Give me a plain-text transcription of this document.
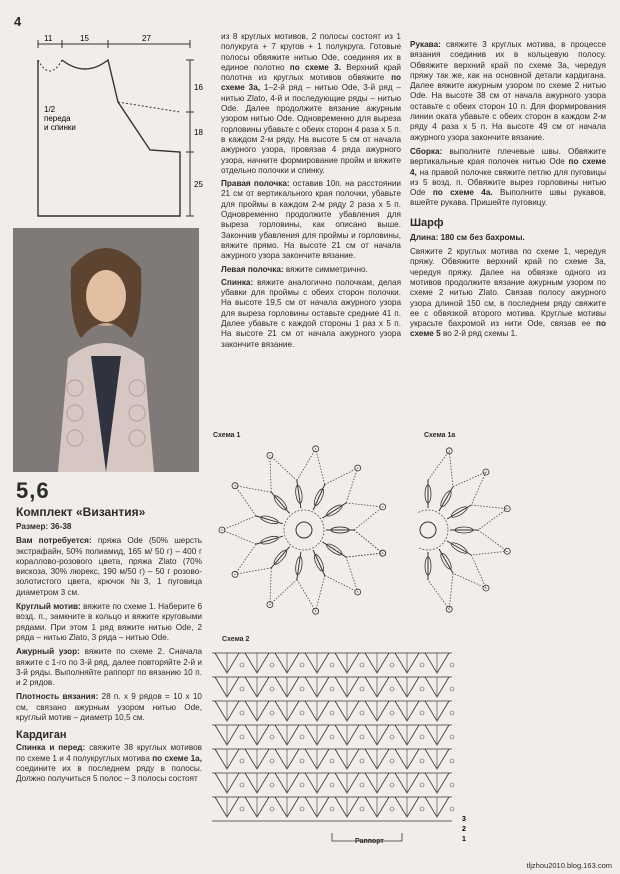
4
11	15	27
16
18
25
1/2 переда и спинки
5,6
Комплект «Византия»

Размер: 36-38

Вам потребуется: пряжа Ode (50% шерсть экстрафайн, 50% полиамид, 165 м/ 50 г) – 400 г кораллово-розового цвета, пряжа Zlato (70% вискоза, 30% люрекс, 190 м/50 г) – 50 г розово-золотистого цвета, крючок №3, 1 пуговица диаметром 3 см.

Круглый мотив: вяжите по схеме 1. Наберите 6 возд. п., замкните в кольцо и вяжите круговыми рядами. При этом 1 ряд вяжите нитью Ode, 2 ряда – нитью Zlato, 3 ряда – нитью Ode.

Ажурный узор: вяжите по схеме 2. Сначала вяжите с 1-го по 3-й ряд, далее повторяйте 2-й и 3-й ряды. Выполняйте раппорт по вязанию 10 п. и 2 рядов.

Плотность вязания: 28 п. х 9 рядов = 10 х 10 см, связано ажурным узором нитью Ode, круглый мотив – диаметр 10,5 см.

Кардиган

Спинка и перед: свяжите 38 круглых мотивов по схеме 1 и 4 полукруглых мотива по схеме 1а, соедините их в последнем ряду в полосы. Должно получиться 5 полос – 3 полосы состоят

из 8 круглых мотивов, 2 полосы состоят из 1 полукруга + 7 кругов + 1 полукруга. Готовые полосы обвяжите нитью Ode, соединяя их в единое полотно по схеме 3. Верхний край полотна из круглых мотивов обвяжите по схеме 3а, 1–2-й ряд – нитью Ode, 3-й ряд – нитью Zlato, 4-й и последующие ряды – нитью Ode. Далее продолжите вязание ажурным узором нитью Ode. Одновременно для выреза горловины убавьте с обеих сторон 4 раза х 5 п. в каждом 2-м ряду. На высоте 5 см от начала ажурного узора, провязав 4 ряда ажурного узора, начните формирование пройм и вяжите отдельно полочки и спинку.

Правая полочка: оставив 10п. на расстоянии 21 см от вертикального края полочки, убавьте для проймы в каждом 2-м ряду 2 раза х 5 п. Одновременно продолжите убавления для выреза горловины, как описано выше. Закончив убавления для проймы и горловины, вяжите прямо. На высоте 21 см от начала ажурного узора закончите вязание.

Левая полочка: вяжите симметрично.

Спинка: вяжите аналогично полочкам, делая убавки для проймы с обеих сторон полочки. На высоте 19,5 см от начала ажурного узора для выреза горловины оставьте средние 41 п. Далее убавьте с каждой стороны 1 раз х 5 п. На высоте 21 см от начала ажурного узора закончите вязание.

Рукава: свяжите 3 круглых мотива, в процессе вязания соединив их в кольцевую полосу. Обвяжите верхний край по схеме 3а, чередуя пряжу так же, как на основной детали кардигана. Далее вяжите ажурным узором по схеме 2 нитью Ode. На высоте 38 см от начала ажурного узора оставьте с обеих сторон 10 п. Для формирования линии оката убавьте с обеих сторон в каждом 2-м ряду 4 раза х 5 п. На высоте 49 см от начала ажурного узора закончите вязание.

Сборка: выполните плечевые швы. Обвяжите вертикальные края полочек нитью Ode по схеме 4, на правой полочке свяжите петлю для пуговицы из 5 возд. п. Обвяжите вырез горловины нитью Ode по схеме 4а. Выполните швы рукавов, вшейте рукава. Пришейте пуговицу.

Шарф

Длина: 180 см без бахромы.

Свяжите 2 круглых мотива по схеме 1, чередуя пряжу. Обвяжите верхний край по схеме 3а, чередуя пряжу. Далее на обвязке одного из мотивов продолжите вязание ажурным узором по схеме 2 нитью Zlato. Связав полосу ажурного узора длиной 150 см, в последнем ряду свяжите ее с обвязкой второго мотива. Круглые мотивы украсьте бахромой из нити Ode, связав ее по схеме 5 во 2-й ряд схемы 1.

Схема 1	Схема 1а
Схема 2
3
2
1
Раппорт
tljzhou2010.blog.163.com
